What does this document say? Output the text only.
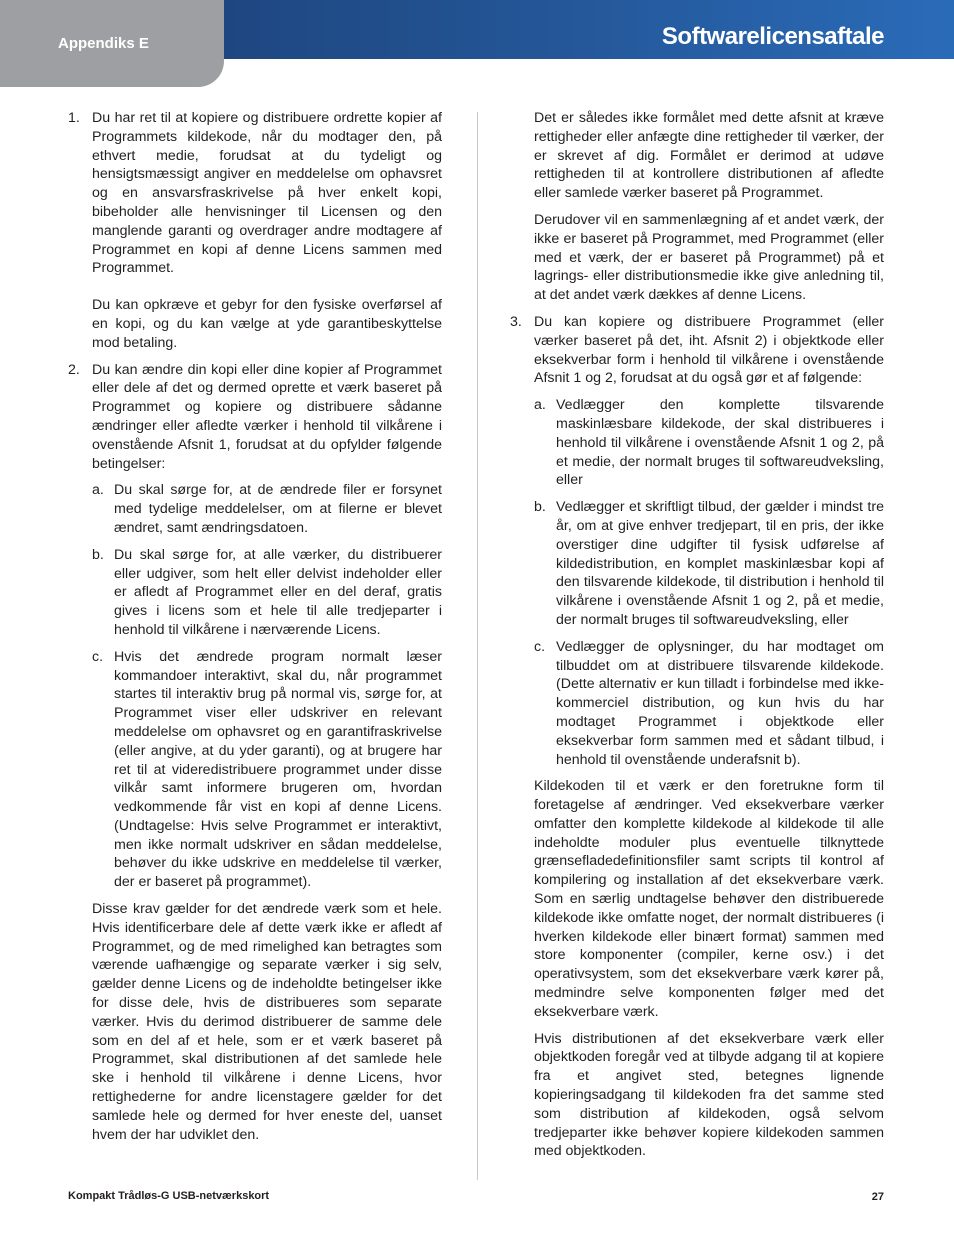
Appendiks E	Softwarelicensaftale
1. Du har ret til at kopiere og distribuere ordrette kopier af Programmets kildekode, når du modtager den, på ethvert medie, forudsat at du tydeligt og hensigtsmæssigt angiver en meddelelse om ophavsret og en ansvarsfraskrivelse på hver enkelt kopi, bibeholder alle henvisninger til Licensen og den manglende garanti og overdrager andre modtagere af Programmet en kopi af denne Licens sammen med Programmet.

Du kan opkræve et gebyr for den fysiske overførsel af en kopi, og du kan vælge at yde garantibeskyttelse mod betaling.

2. Du kan ændre din kopi eller dine kopier af Programmet eller dele af det og dermed oprette et værk baseret på Programmet og kopiere og distribuere sådanne ændringer eller afledte værker i henhold til vilkårene i ovenstående Afsnit 1, forudsat at du opfylder følgende betingelser:

a. Du skal sørge for, at de ændrede filer er forsynet med tydelige meddelelser, om at filerne er blevet ændret, samt ændringsdatoen.
b. Du skal sørge for, at alle værker, du distribuerer eller udgiver, som helt eller delvist indeholder eller er afledt af Programmet eller en del deraf, gratis gives i licens som et hele til alle tredjeparter i henhold til vilkårene i nærværende Licens.
c. Hvis det ændrede program normalt læser kommandoer interaktivt, skal du, når programmet startes til interaktiv brug på normal vis, sørge for, at Programmet viser eller udskriver en relevant meddelelse om ophavsret og en garantifraskrivelse (eller angive, at du yder garanti), og at brugere har ret til at videredistribuere programmet under disse vilkår samt informere brugeren om, hvordan vedkommende får vist en kopi af denne Licens. (Undtagelse: Hvis selve Programmet er interaktivt, men ikke normalt udskriver en sådan meddelelse, behøver du ikke udskrive en meddelelse til værker, der er baseret på programmet).

Disse krav gælder for det ændrede værk som et hele. Hvis identificerbare dele af dette værk ikke er afledt af Programmet, og de med rimelighed kan betragtes som værende uafhængige og separate værker i sig selv, gælder denne Licens og de indeholdte betingelser ikke for disse dele, hvis de distribueres som separate værker. Hvis du derimod distribuerer de samme dele som en del af et hele, som er et værk baseret på Programmet, skal distributionen af det samlede hele ske i henhold til vilkårene i denne Licens, hvor rettighederne for andre licenstagere gælder for det samlede hele og dermed for hver eneste del, uanset hvem der har udviklet den.

Det er således ikke formålet med dette afsnit at kræve rettigheder eller anfægte dine rettigheder til værker, der er skrevet af dig. Formålet er derimod at udøve rettigheden til at kontrollere distributionen af afledte eller samlede værker baseret på Programmet.

Derudover vil en sammenlægning af et andet værk, der ikke er baseret på Programmet, med Programmet (eller med et værk, der er baseret på Programmet) på et lagrings- eller distributionsmedie ikke give anledning til, at det andet værk dækkes af denne Licens.

3. Du kan kopiere og distribuere Programmet (eller værker baseret på det, iht. Afsnit 2) i objektkode eller eksekverbar form i henhold til vilkårene i ovenstående Afsnit 1 og 2, forudsat at du også gør et af følgende:

a. Vedlægger den komplette tilsvarende maskinlæsbare kildekode, der skal distribueres i henhold til vilkårene i ovenstående Afsnit 1 og 2, på et medie, der normalt bruges til softwareudveksling, eller
b. Vedlægger et skriftligt tilbud, der gælder i mindst tre år, om at give enhver tredjepart, til en pris, der ikke overstiger dine udgifter til fysisk udførelse af kildedistribution, en komplet maskinlæsbar kopi af den tilsvarende kildekode, til distribution i henhold til vilkårene i ovenstående Afsnit 1 og 2, på et medie, der normalt bruges til softwareudveksling, eller
c. Vedlægger de oplysninger, du har modtaget om tilbuddet om at distribuere tilsvarende kildekode. (Dette alternativ er kun tilladt i forbindelse med ikke-kommerciel distribution, og kun hvis du har modtaget Programmet i objektkode eller eksekverbar form sammen med et sådant tilbud, i henhold til ovenstående underafsnit b).

Kildekoden til et værk er den foretrukne form til foretagelse af ændringer. Ved eksekverbare værker omfatter den komplette kildekode al kildekode til alle indeholdte moduler plus eventuelle tilknyttede grænsefladedefinitionsfiler samt scripts til kontrol af kompilering og installation af det eksekverbare værk. Som en særlig undtagelse behøver den distribuerede kildekode ikke omfatte noget, der normalt distribueres (i hverken kildekode eller binært format) sammen med store komponenter (compiler, kerne osv.) i det operativsystem, som det eksekverbare værk kører på, medmindre selve komponenten følger med det eksekverbare værk.

Hvis distributionen af det eksekverbare værk eller objektkoden foregår ved at tilbyde adgang til at kopiere fra et angivet sted, betegnes lignende kopieringsadgang til kildekoden fra det samme sted som distribution af kildekoden, også selvom tredjeparter ikke behøver kopiere kildekoden sammen med objektkoden.

Kompakt Trådløs-G USB-netværkskort	27
